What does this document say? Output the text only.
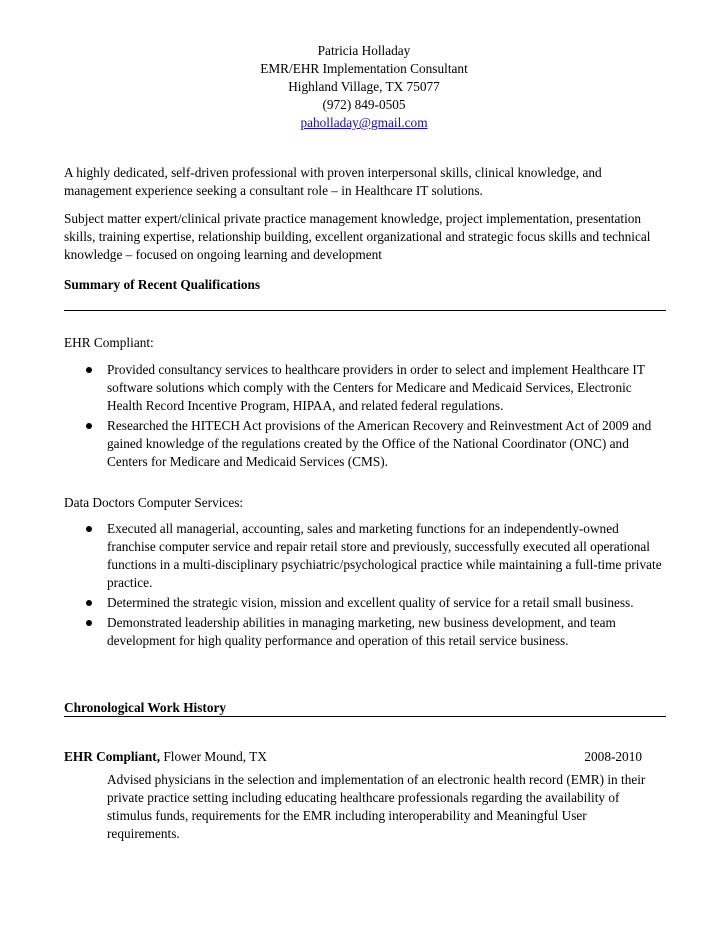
Patricia Holladay
EMR/EHR Implementation Consultant
Highland Village, TX 75077
(972) 849-0505
paholladay@gmail.com
A highly dedicated, self-driven professional with proven interpersonal skills, clinical knowledge, and management experience seeking a consultant role – in Healthcare IT solutions.
Subject matter expert/clinical private practice management knowledge, project implementation, presentation skills, training expertise, relationship building, excellent organizational and strategic focus skills and technical knowledge – focused on ongoing learning and development
Summary of Recent Qualifications
EHR Compliant:
Provided consultancy services to healthcare providers in order to select and implement Healthcare IT software solutions which comply with the Centers for Medicare and Medicaid Services, Electronic Health Record Incentive Program, HIPAA, and related federal regulations.
Researched the HITECH Act provisions of the American Recovery and Reinvestment Act of 2009 and gained knowledge of the regulations created by the Office of the National Coordinator (ONC) and Centers for Medicare and Medicaid Services (CMS).
Data Doctors Computer Services:
Executed all managerial, accounting, sales and marketing functions for an independently-owned franchise computer service and repair retail store and previously, successfully executed all operational functions in a multi-disciplinary psychiatric/psychological practice while maintaining a full-time private practice.
Determined the strategic vision, mission and excellent quality of service for a retail small business.
Demonstrated leadership abilities in managing marketing, new business development, and team development for high quality performance and operation of this retail service business.
Chronological Work History
EHR Compliant, Flower Mound, TX	2008-2010
Advised physicians in the selection and implementation of an electronic health record (EMR) in their private practice setting including educating healthcare professionals regarding the availability of stimulus funds, requirements for the EMR including interoperability and Meaningful User requirements.
